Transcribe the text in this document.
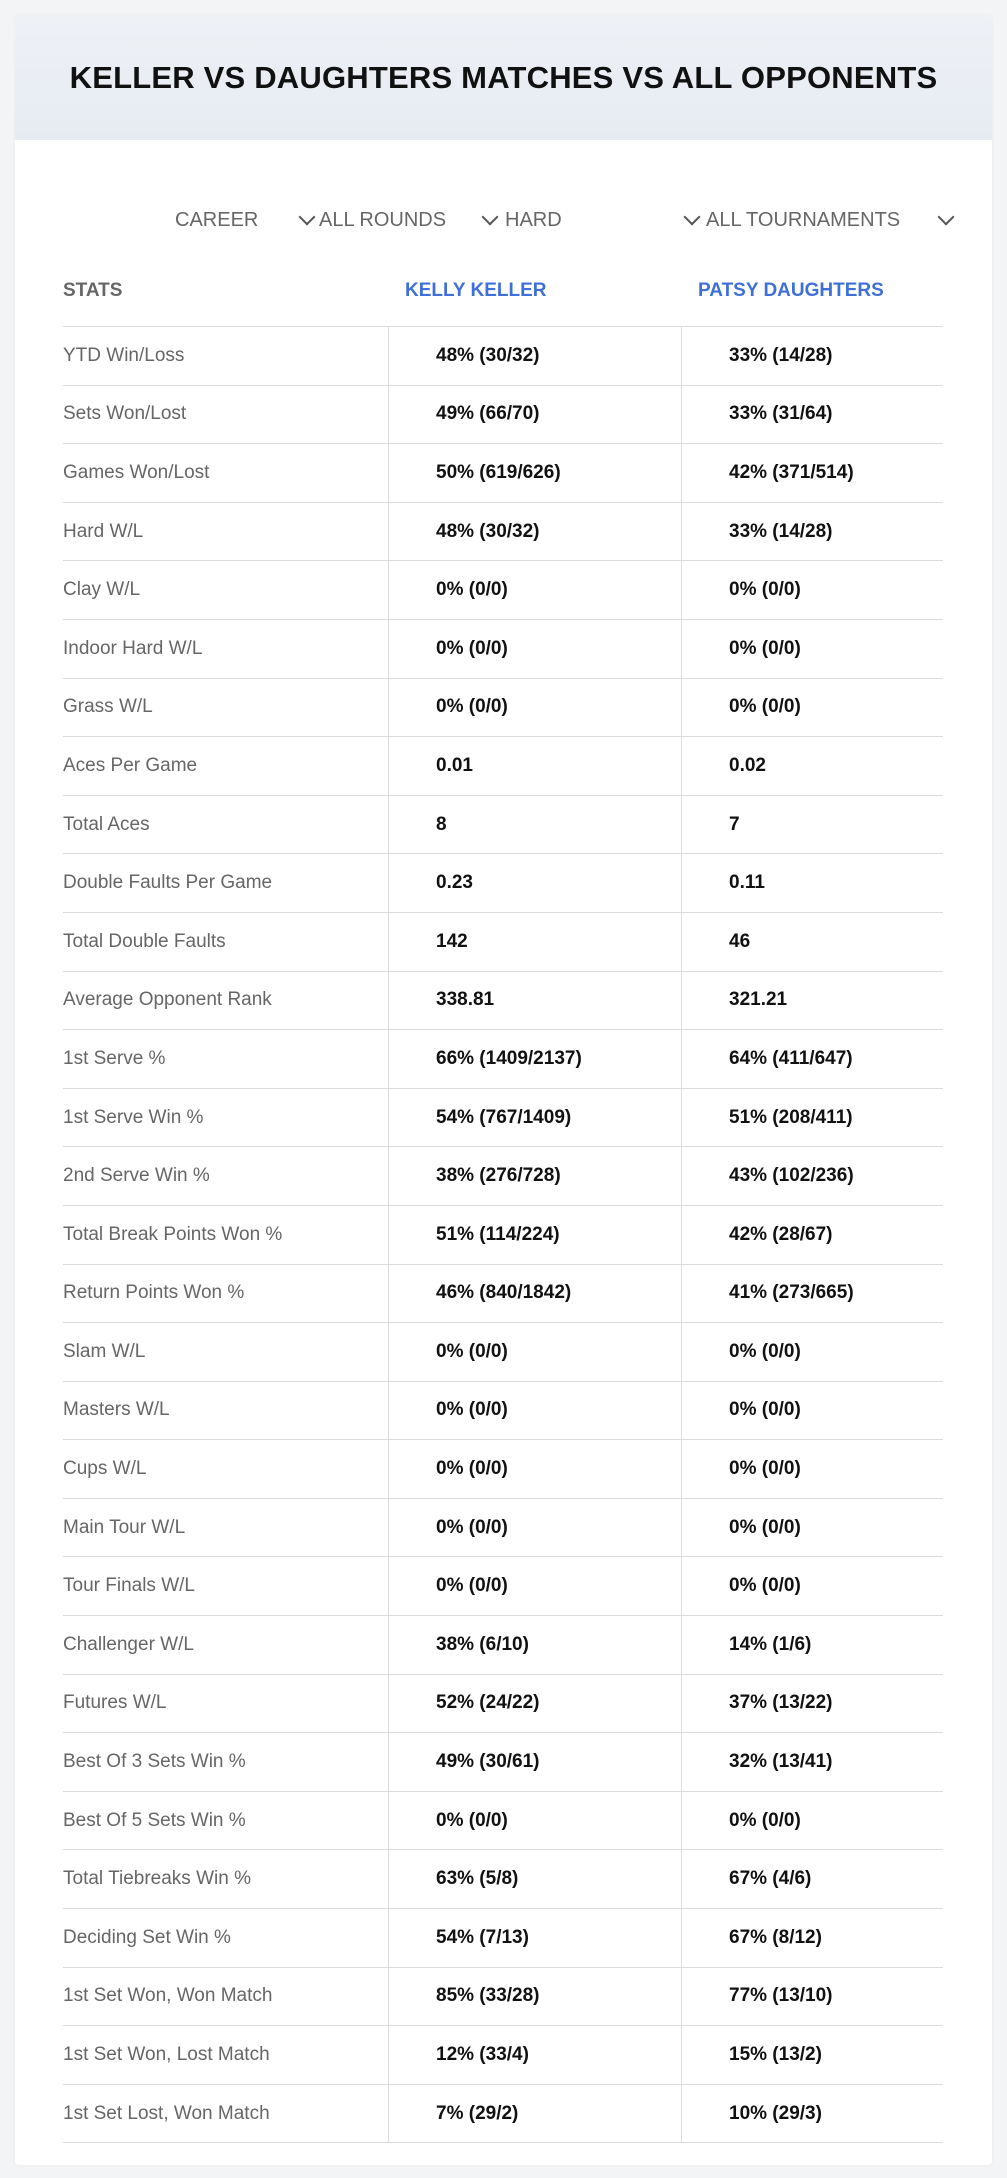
KELLER VS DAUGHTERS MATCHES VS ALL OPPONENTS
CAREER	ALL ROUNDS	HARD	ALL TOURNAMENTS
STATS	KELLY KELLER	PATSY DAUGHTERS
YTD Win/Loss	48% (30/32)	33% (14/28)
Sets Won/Lost	49% (66/70)	33% (31/64)
Games Won/Lost	50% (619/626)	42% (371/514)
Hard W/L	48% (30/32)	33% (14/28)
Clay W/L	0% (0/0)	0% (0/0)
Indoor Hard W/L	0% (0/0)	0% (0/0)
Grass W/L	0% (0/0)	0% (0/0)
Aces Per Game	0.01	0.02
Total Aces	8	7
Double Faults Per Game	0.23	0.11
Total Double Faults	142	46
Average Opponent Rank	338.81	321.21
1st Serve %	66% (1409/2137)	64% (411/647)
1st Serve Win %	54% (767/1409)	51% (208/411)
2nd Serve Win %	38% (276/728)	43% (102/236)
Total Break Points Won %	51% (114/224)	42% (28/67)
Return Points Won %	46% (840/1842)	41% (273/665)
Slam W/L	0% (0/0)	0% (0/0)
Masters W/L	0% (0/0)	0% (0/0)
Cups W/L	0% (0/0)	0% (0/0)
Main Tour W/L	0% (0/0)	0% (0/0)
Tour Finals W/L	0% (0/0)	0% (0/0)
Challenger W/L	38% (6/10)	14% (1/6)
Futures W/L	52% (24/22)	37% (13/22)
Best Of 3 Sets Win %	49% (30/61)	32% (13/41)
Best Of 5 Sets Win %	0% (0/0)	0% (0/0)
Total Tiebreaks Win %	63% (5/8)	67% (4/6)
Deciding Set Win %	54% (7/13)	67% (8/12)
1st Set Won, Won Match	85% (33/28)	77% (13/10)
1st Set Won, Lost Match	12% (33/4)	15% (13/2)
1st Set Lost, Won Match	7% (29/2)	10% (29/3)
